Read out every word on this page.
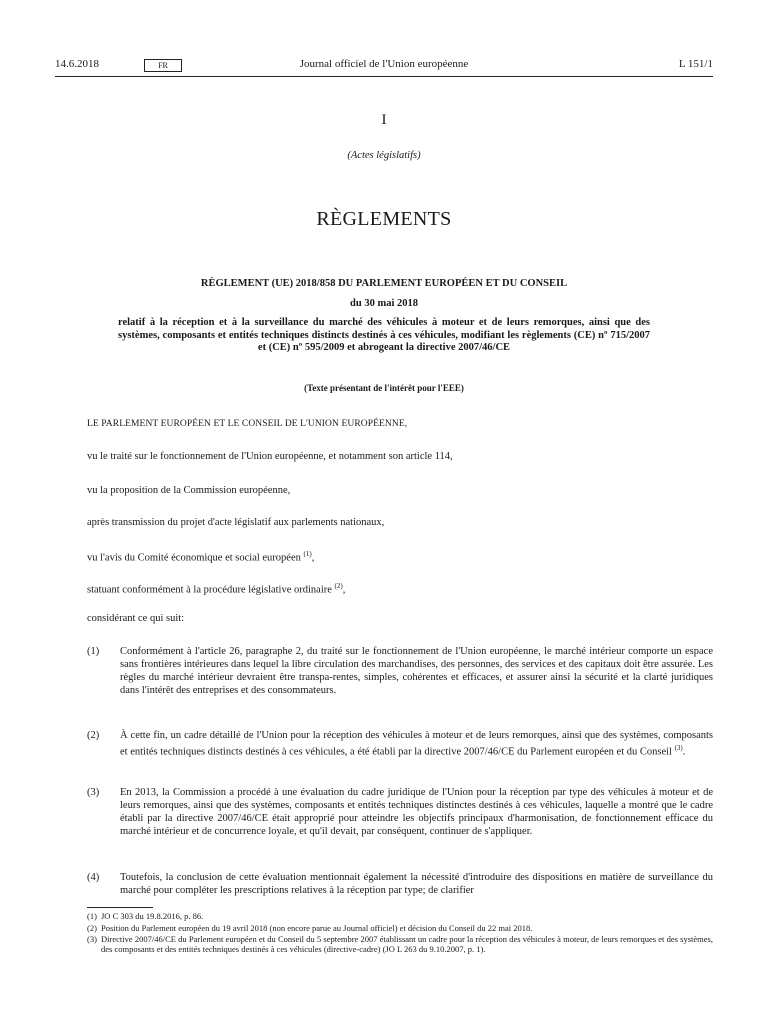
14.6.2018	FR	Journal officiel de l'Union européenne	L 151/1
I
(Actes législatifs)
RÈGLEMENTS
RÈGLEMENT (UE) 2018/858 DU PARLEMENT EUROPÉEN ET DU CONSEIL
du 30 mai 2018
relatif à la réception et à la surveillance du marché des véhicules à moteur et de leurs remorques, ainsi que des systèmes, composants et entités techniques distincts destinés à ces véhicules, modifiant les règlements (CE) nº 715/2007 et (CE) nº 595/2009 et abrogeant la directive 2007/46/CE
(Texte présentant de l'intérêt pour l'EEE)
LE PARLEMENT EUROPÉEN ET LE CONSEIL DE L'UNION EUROPÉENNE,
vu le traité sur le fonctionnement de l'Union européenne, et notamment son article 114,
vu la proposition de la Commission européenne,
après transmission du projet d'acte législatif aux parlements nationaux,
vu l'avis du Comité économique et social européen $^{(1)}$,
statuant conformément à la procédure législative ordinaire $^{(2)}$,
considérant ce qui suit:
(1) Conformément à l'article 26, paragraphe 2, du traité sur le fonctionnement de l'Union européenne, le marché intérieur comporte un espace sans frontières intérieures dans lequel la libre circulation des marchandises, des personnes, des services et des capitaux doit être assurée. Les règles du marché intérieur devraient être transpa-rentes, simples, cohérentes et efficaces, et assurer ainsi la sécurité et la clarté juridiques dans l'intérêt des entreprises et des consommateurs.
(2) À cette fin, un cadre détaillé de l'Union pour la réception des véhicules à moteur et de leurs remorques, ainsi que des systèmes, composants et entités techniques distincts destinés à ces véhicules, a été établi par la directive 2007/46/CE du Parlement européen et du Conseil $^{(3)}$.
(3) En 2013, la Commission a procédé à une évaluation du cadre juridique de l'Union pour la réception par type des véhicules à moteur et de leurs remorques, ainsi que des systèmes, composants et entités techniques distinctes destinés à ces véhicules, laquelle a montré que le cadre établi par la directive 2007/46/CE était approprié pour atteindre les objectifs principaux d'harmonisation, de fonctionnement efficace du marché intérieur et de concurrence loyale, et qu'il devait, par conséquent, continuer de s'appliquer.
(4) Toutefois, la conclusion de cette évaluation mentionnait également la nécessité d'introduire des dispositions en matière de surveillance du marché pour compléter les prescriptions relatives à la réception par type; de clarifier
(1) JO C 303 du 19.8.2016, p. 86.
(2) Position du Parlement européen du 19 avril 2018 (non encore parue au Journal officiel) et décision du Conseil du 22 mai 2018.
(3) Directive 2007/46/CE du Parlement européen et du Conseil du 5 septembre 2007 établissant un cadre pour la réception des véhicules à moteur, de leurs remorques et des systèmes, des composants et des entités techniques destinés à ces véhicules (directive-cadre) (JO L 263 du 9.10.2007, p. 1).
